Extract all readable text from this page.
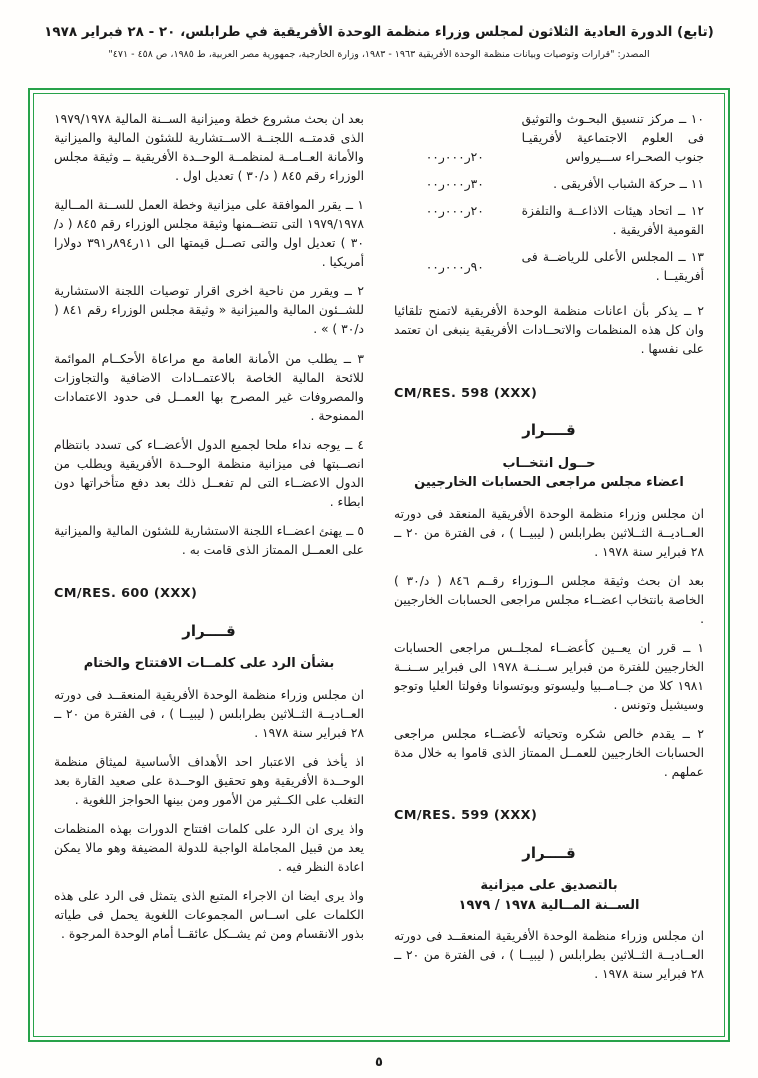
(تابع) الدورة العادية الثلاثون لمجلس وزراء منظمة الوحدة الأفريقية في طرابلس، ٢٠ - ٢٨ فبراير ١٩٧٨
المصدر: "قرارات وتوصيات وبيانات منظمة الوحدة الأفريقية ١٩٦٣ - ١٩٨٣، وزارة الخارجية، جمهورية مصر العربية، ط ١٩٨٥، ص ٤٥٨ - ٤٧١"
١٠ ــ مركز تنسيق البحـوث والتوثيق فى العلوم الاجتماعية لأفريقيـا جنوب الصحـراء ســـيرواس
٢٠ر٠٠٠ر٠٠
١١ ــ حركة الشباب الأفريقى .
٣٠ر٠٠٠ر٠٠
١٢ ــ اتحاد هيئات الاذاعــة والتلفزة القومية الأفريقية .
٢٠ر٠٠٠ر٠٠
١٣ ــ المجلس الأعلى للرياضــة فى أفريقيــا .
٩٠ر٠٠٠ر٠٠

٢ ــ يذكر بأن اعانات منظمة الوحدة الأفريقية لاتمنح تلقائيا وان كل هذه المنظمات والاتحــادات الأفريقية ينبغى ان تعتمد على نفسها .

CM/RES. 598 (XXX)
قــــرار
حــول انتخــاب
اعضاء مجلس مراجعى الحسابات الخارجيين

ان مجلس وزراء منظمة الوحدة الأفريقية المنعقد فى دورته العــاديــة الثــلاثين بطرابلس ( ليبيــا ) ، فى الفترة من ٢٠ ــ ٢٨ فبراير سنة ١٩٧٨ .

بعد ان بحث وثيقة مجلس الــوزراء رقــم ٨٤٦ ( د/٣٠ ) الخاصة بانتخاب اعضــاء مجلس مراجعى الحسابات الخارجيين .

١ ــ قرر ان يعــين كأعضــاء لمجلــس مراجعى الحسابات الخارجيين للفترة من فبراير ســنــة ١٩٧٨ الى فبراير ســنــة ١٩٨١ كلا من جــامــبيا وليسوتو وبوتسوانا وفولتا العليا وتوجو وسيشيل وتونس .

٢ ــ يقدم خالص شكره وتحياته لأعضــاء مجلس مراجعى الحسابات الخارجيين للعمــل الممتاز الذى قاموا به خلال مدة عملهم .

CM/RES. 599 (XXX)
قــــرار
بالتصديق على ميزانية
الســنة المــالية ١٩٧٨ / ١٩٧٩

ان مجلس وزراء منظمة الوحدة الأفريقية المنعقــد فى دورته العــاديــة الثــلاثين بطرابلس ( ليبيــا ) ، فى الفترة من ٢٠ ــ ٢٨ فبراير سنة ١٩٧٨ .

بعد ان بحث مشروع خطة وميزانية الســنة المالية ١٩٧٩/١٩٧٨ الذى قدمتــه اللجنــة الاســتشارية للشئون المالية والميزانية والأمانة العــامــة لمنظمــة الوحــدة الأفريقية ــ وثيقة مجلس الوزراء رقم ٨٤٥ ( د/٣٠ ) تعديل اول .

١ ــ يقرر الموافقة على ميزانية وخطة العمل للســنة المــالية ١٩٧٩/١٩٧٨ التى تتضــمنها وثيقة مجلس الوزراء رقم ٨٤٥ ( د/٣٠ ) تعديل اول والتى تصــل قيمتها الى ١١ر٨٩٤ر٣٩١ دولارا أمريكيا .

٢ ــ ويقرر من ناحية اخرى اقرار توصيات اللجنة الاستشارية للشــئون المالية والميزانية « وثيقة مجلس الوزراء رقم ٨٤١ ( د/٣٠ ) » .

٣ ــ يطلب من الأمانة العامة مع مراعاة الأحكــام الموائمة للائحة المالية الخاصة بالاعتمــادات الاضافية والتجاوزات والمصروفات غير المصرح بها العمــل فى حدود الاعتمادات الممنوحة .

٤ ــ يوجه نداء ملحا لجميع الدول الأعضــاء كى تسدد بانتظام انصــبتها فى ميزانية منظمة الوحــدة الأفريقية ويطلب من الدول الاعضــاء التى لم تفعــل ذلك بعد دفع متأخراتها دون ابطاء .

٥ ــ يهنئ اعضــاء اللجنة الاستشارية للشئون المالية والميزانية على العمــل الممتاز الذى قامت به .

CM/RES. 600 (XXX)
قــــرار
بشأن الرد على كلمــات الافتتاح والختام

ان مجلس وزراء منظمة الوحدة الأفريقية المنعقــد فى دورته العــاديــة الثــلاثين بطرابلس ( ليبيــا ) ، فى الفترة من ٢٠ ــ ٢٨ فبراير سنة ١٩٧٨ .

اذ يأخذ فى الاعتبار احد الأهداف الأساسية لميثاق منظمة الوحــدة الأفريقية وهو تحقيق الوحــدة على صعيد القارة بعد التغلب على الكــثير من الأمور ومن بينها الحواجز اللغوية .

واذ يرى ان الرد على كلمات افتتاح الدورات بهذه المنظمات يعد من قبيل المجاملة الواجبة للدولة المضيفة وهو مالا يمكن اعادة النظر فيه .

واذ يرى ايضا ان الاجراء المتبع الذى يتمثل فى الرد على هذه الكلمات على اســاس المجموعات اللغوية يحمل فى طياته بذور الانقسام ومن ثم يشــكل عائقــا أمام الوحدة المرجوة .

٥
